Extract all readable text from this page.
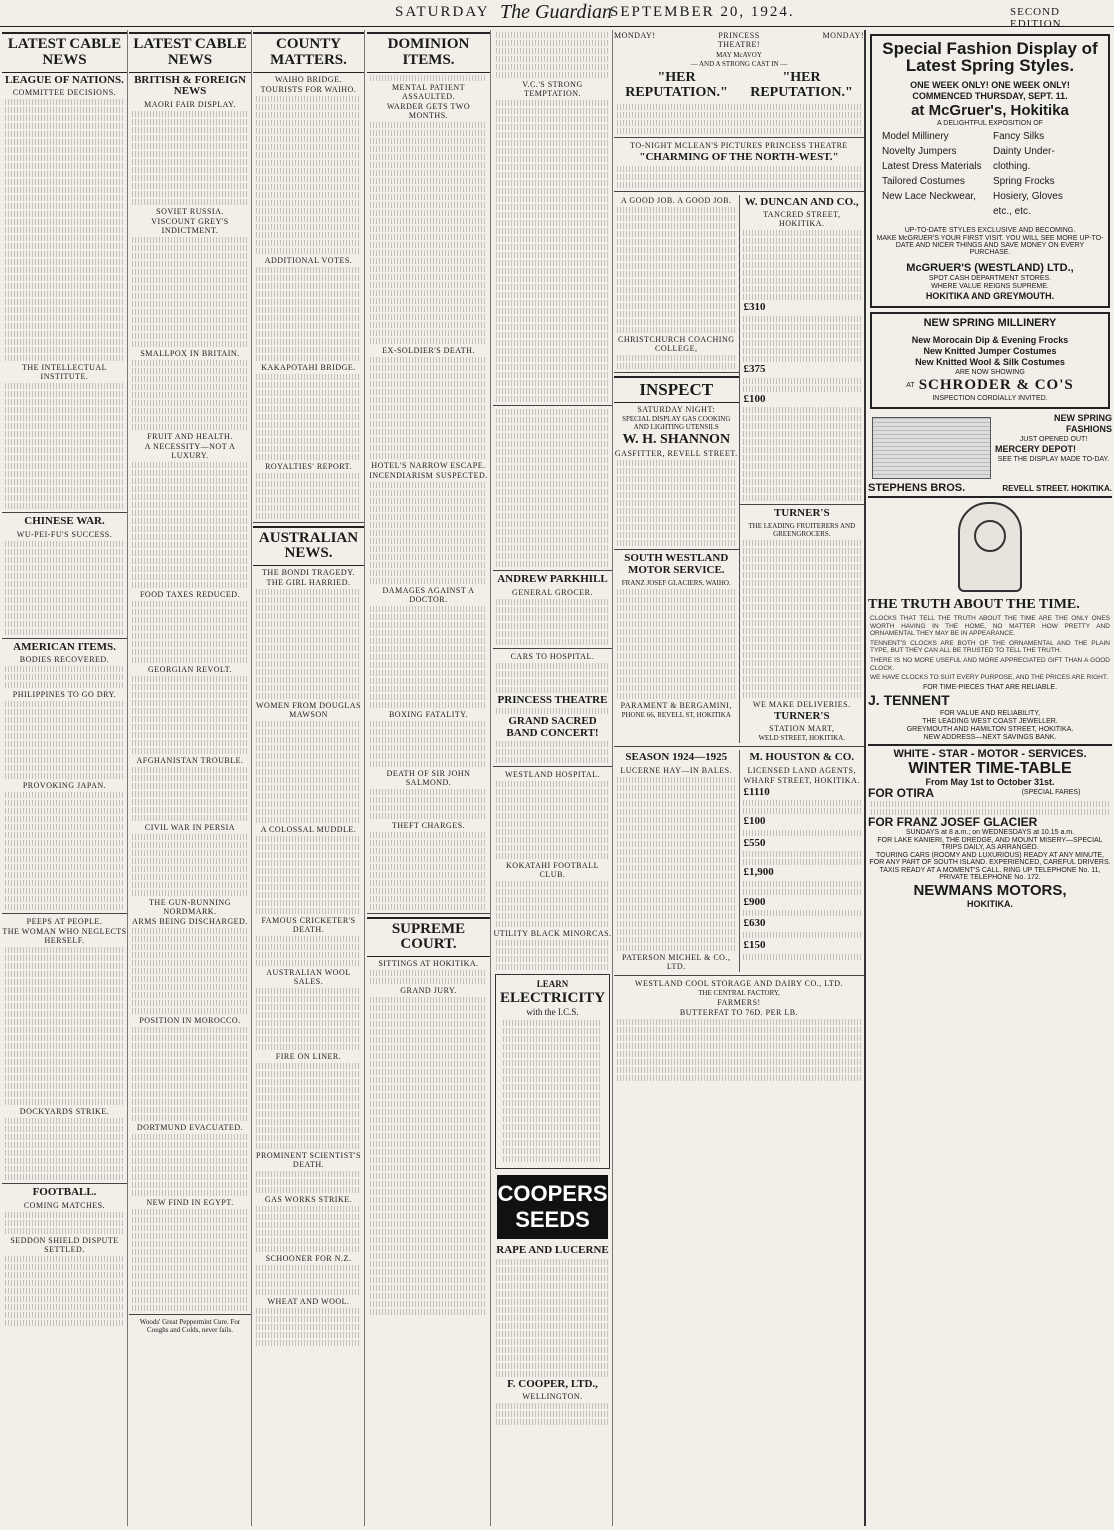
SATURDAY The Guardian
SEPTEMBER 20, 1924.	SECOND EDITION.
LATEST CABLE NEWS
LEAGUE OF NATIONS.
COMMITTEE DECISIONS.
THE INTELLECTUAL INSTITUTE.
CHINESE WAR.
WU-PEI-FU'S SUCCESS.
AMERICAN ITEMS.
BODIES RECOVERED.
PHILIPPINES TO GO DRY.
PROVOKING JAPAN.
PEEPS AT PEOPLE.
THE WOMAN WHO NEGLECTS HERSELF.
DOCKYARDS STRIKE.
FOOTBALL.
COMING MATCHES.
SEDDON SHIELD DISPUTE SETTLED.
LATEST CABLE NEWS
BRITISH & FOREIGN NEWS
MAORI FAIR DISPLAY.
SOVIET RUSSIA.
VISCOUNT GREY'S INDICTMENT.
SMALLPOX IN BRITAIN.
FRUIT AND HEALTH.
A NECESSITY—NOT A LUXURY.
FOOD TAXES REDUCED.
GEORGIAN REVOLT.
AFGHANISTAN TROUBLE.
CIVIL WAR IN PERSIA
THE GUN-RUNNING NORDMARK.
ARMS BEING DISCHARGED.
POSITION IN MOROCCO.
DORTMUND EVACUATED.
NEW FIND IN EGYPT.
Woods' Great Peppermint Cure. For Coughs and Colds, never fails.
COUNTY MATTERS.
WAIHO BRIDGE.
TOURISTS FOR WAIHO.
ADDITIONAL VOTES.
KAKAPOTAHI BRIDGE.
ROYALTIES' REPORT.
AUSTRALIAN NEWS.
THE BONDI TRAGEDY.
THE GIRL HARRIED.
WOMEN FROM DOUGLAS MAWSON
A COLOSSAL MUDDLE.
FAMOUS CRICKETER'S DEATH.
AUSTRALIAN WOOL SALES.
FIRE ON LINER.
PROMINENT SCIENTIST'S DEATH.
GAS WORKS STRIKE.
SCHOONER FOR N.Z.
WHEAT AND WOOL.
DOMINION ITEMS.
MENTAL PATIENT ASSAULTED.
WARDER GETS TWO MONTHS.
EX-SOLDIER'S DEATH.
HOTEL'S NARROW ESCAPE.
INCENDIARISM SUSPECTED.
DAMAGES AGAINST A DOCTOR.
BOXING FATALITY.
DEATH OF SIR JOHN SALMOND.
THEFT CHARGES.
SUPREME COURT.
SITTINGS AT HOKITIKA.
GRAND JURY.
V.C.'S STRONG TEMPTATION.
ANDREW PARKHILL
GENERAL GROCER.
CARS TO HOSPITAL.
PRINCESS THEATRE
GRAND SACRED BAND CONCERT!
WESTLAND HOSPITAL.
KOKATAHI FOOTBALL CLUB.
UTILITY BLACK MINORCAS.
LEARN
ELECTRICITY
with the I.C.S.
COOPERS SEEDS
RAPE AND LUCERNE
F. COOPER, LTD.,
WELLINGTON.
MONDAY!	PRINCESS THEATRE!
MONDAY!
MAY McAVOY
— AND A STRONG CAST IN —
"HER REPUTATION."
"HER REPUTATION."
TO-NIGHT MCLEAN'S PICTURES PRINCESS THEATRE
"CHARMING OF THE NORTH-WEST."
A GOOD JOB. A GOOD JOB.
CHRISTCHURCH COACHING COLLEGE,
INSPECT
SATURDAY NIGHT:
SPECIAL DISPLAY GAS COOKING AND LIGHTING UTENSILS
W. H. SHANNON
GASFITTER, REVELL STREET.
SOUTH WESTLAND MOTOR SERVICE.
FRANZ JOSEF GLACIERS, WAIHO.
PARAMENT & BERGAMINI,
PHONE 66, REVELL ST, HOKITIKA
W. DUNCAN AND CO.,
TANCRED STREET, HOKITIKA.
£310
£375
£100
TURNER'S
THE LEADING FRUITERERS AND GREENGROCERS.
WE MAKE DELIVERIES.
TURNER'S
STATION MART,
WELD STREET, HOKITIKA.
SEASON 1924—1925
LUCERNE HAY—IN BALES.
PATERSON MICHEL & CO., LTD.
M. HOUSTON & CO.
LICENSED LAND AGENTS,
WHARF STREET, HOKITIKA.
£1110
£100
£550
£1,900
£900
£630
£150
WESTLAND COOL STORAGE AND DAIRY CO., LTD.
THE CENTRAL FACTORY,
FARMERS!
BUTTERFAT TO 76D. PER LB.
Special Fashion Display of
Latest Spring Styles.
ONE WEEK ONLY! ONE WEEK ONLY!
COMMENCED THURSDAY, SEPT. 11.
at McGruer's, Hokitika
A DELIGHTFUL EXPOSITION OF
Model Millinery	Fancy Silks
Novelty Jumpers	Dainty Under-
Latest Dress Materials	clothing.
Tailored Costumes	Spring Frocks
New Lace Neckwear,	Hosiery, Gloves
etc., etc.
UP-TO-DATE STYLES EXCLUSIVE AND BECOMING.
MAKE McGRUER'S YOUR FIRST VISIT. YOU WILL SEE MORE UP-TO-DATE AND NICER THINGS AND SAVE MONEY ON EVERY PURCHASE.
McGRUER'S (WESTLAND) LTD.,
SPOT CASH DEPARTMENT STORES.
WHERE VALUE REIGNS SUPREME.
HOKITIKA AND GREYMOUTH.
NEW SPRING MILLINERY
New Morocain Dip & Evening Frocks
New Knitted Jumper Costumes
New Knitted Wool & Silk Costumes
ARE NOW SHOWING
AT SCHRODER & CO'S
INSPECTION CORDIALLY INVITED.
NEW SPRING
FASHIONS
JUST OPENED OUT!
MERCERY DEPOT!
SEE THE DISPLAY MADE TO-DAY.
STEPHENS BROS.	REVELL STREET. HOKITIKA.
THE TRUTH ABOUT THE TIME.
CLOCKS THAT TELL THE TRUTH ABOUT THE TIME ARE THE ONLY ONES WORTH HAVING IN THE HOME, NO MATTER HOW PRETTY AND ORNAMENTAL THEY MAY BE IN APPEARANCE.
TENNENT'S CLOCKS ARE BOTH OF THE ORNAMENTAL AND THE PLAIN TYPE, BUT THEY CAN ALL BE TRUSTED TO TELL THE TRUTH.
THERE IS NO MORE USEFUL AND MORE APPRECIATED GIFT THAN A GOOD CLOCK.
WE HAVE CLOCKS TO SUIT EVERY PURPOSE, AND THE PRICES ARE RIGHT.
FOR TIME-PIECES THAT ARE RELIABLE.
J. TENNENT
FOR VALUE AND RELIABILITY,
THE LEADING WEST COAST JEWELLER.
GREYMOUTH AND HAMILTON STREET, HOKITIKA.
NEW ADDRESS—NEXT SAVINGS BANK.
WHITE - STAR - MOTOR - SERVICES.
WINTER TIME-TABLE
From May 1st to October 31st.
FOR OTIRA	(SPECIAL FARES)
FOR FRANZ JOSEF GLACIER
SUNDAYS at 8 a.m.; on WEDNESDAYS at 10.15 a.m.
FOR LAKE KANIERI, THE DREDGE, AND MOUNT MISERY—SPECIAL TRIPS DAILY, AS ARRANGED.
TOURING CARS (ROOMY AND LUXURIOUS) READY AT ANY MINUTE, FOR ANY PART OF SOUTH ISLAND. EXPERIENCED, CAREFUL DRIVERS.
TAXIS READY AT A MOMENT'S CALL. RING UP TELEPHONE No. 11, PRIVATE TELEPHONE No. 172.
NEWMANS MOTORS,
HOKITIKA.
